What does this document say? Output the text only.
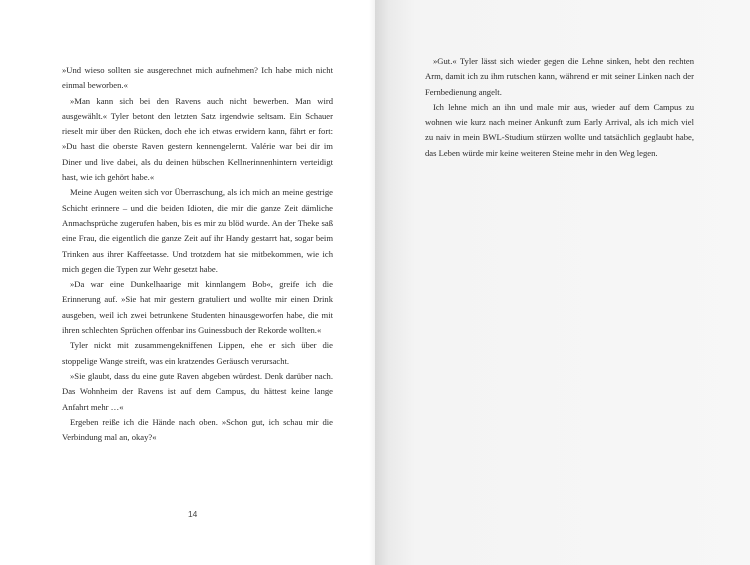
»Und wieso sollten sie ausgerechnet mich aufnehmen? Ich habe mich nicht einmal beworben.«

»Man kann sich bei den Ravens auch nicht bewerben. Man wird ausgewählt.« Tyler betont den letzten Satz irgendwie seltsam. Ein Schauer rieselt mir über den Rücken, doch ehe ich etwas erwidern kann, fährt er fort: »Du hast die oberste Raven gestern kennengelernt. Valérie war bei dir im Diner und live dabei, als du deinen hübschen Kellnerinnenhintern verteidigt hast, wie ich gehört habe.«

Meine Augen weiten sich vor Überraschung, als ich mich an meine gestrige Schicht erinnere – und die beiden Idioten, die mir die ganze Zeit dämliche Anmachsprüche zugerufen haben, bis es mir zu blöd wurde. An der Theke saß eine Frau, die eigentlich die ganze Zeit auf ihr Handy gestarrt hat, sogar beim Trinken aus ihrer Kaffeetasse. Und trotzdem hat sie mitbekommen, wie ich mich gegen die Typen zur Wehr gesetzt habe.

»Da war eine Dunkelhaarige mit kinnlangem Bob«, greife ich die Erinnerung auf. »Sie hat mir gestern gratuliert und wollte mir einen Drink ausgeben, weil ich zwei betrunkene Studenten hinausgeworfen habe, die mit ihren schlechten Sprüchen offenbar ins Guinessbuch der Rekorde wollten.«

Tyler nickt mit zusammengekniffenen Lippen, ehe er sich über die stoppelige Wange streift, was ein kratzendes Geräusch verursacht.

»Sie glaubt, dass du eine gute Raven abgeben würdest. Denk darüber nach. Das Wohnheim der Ravens ist auf dem Campus, du hättest keine lange Anfahrt mehr …«

Ergeben reiße ich die Hände nach oben. »Schon gut, ich schau mir die Verbindung mal an, okay?«

14

»Gut.« Tyler lässt sich wieder gegen die Lehne sinken, hebt den rechten Arm, damit ich zu ihm rutschen kann, während er mit seiner Linken nach der Fernbedienung angelt.

Ich lehne mich an ihn und male mir aus, wieder auf dem Campus zu wohnen wie kurz nach meiner Ankunft zum Early Arrival, als ich mich viel zu naiv in mein BWL-Studium stürzen wollte und tatsächlich geglaubt habe, das Leben würde mir keine weiteren Steine mehr in den Weg legen.
